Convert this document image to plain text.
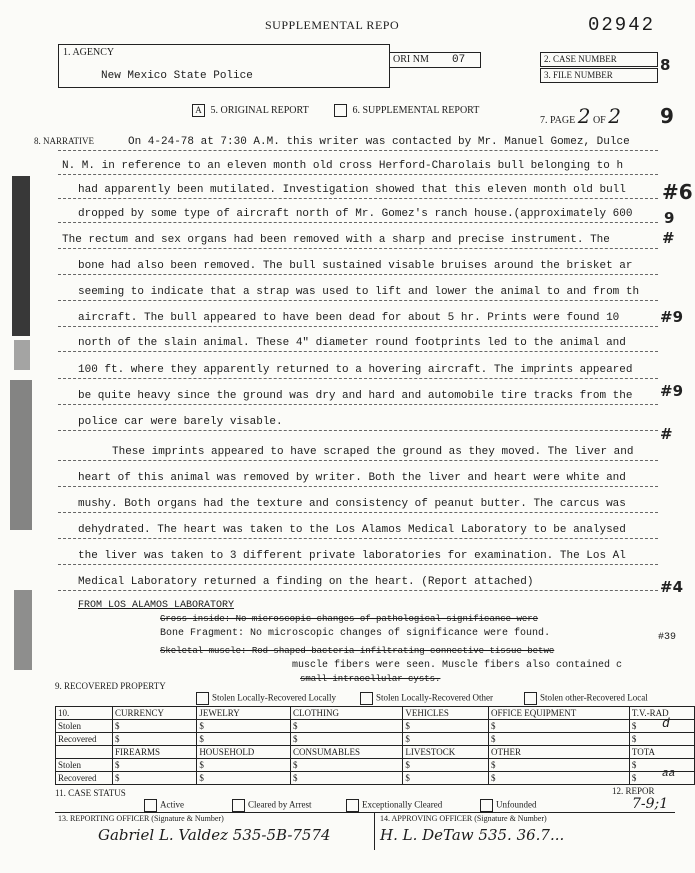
SUPPLEMENTAL REPO	02942
1. AGENCY
New Mexico State Police
ORI NM 07	2. CASE NUMBER
3. FILE NUMBER
A 5. ORIGINAL REPORT	6. SUPPLEMENTAL REPORT
7. PAGE 2 OF 2
8. NARRATIVE	On 4-24-78 at 7:30 A.M. this writer was contacted by Mr. Manuel Gomez, Dulce
N. M. in reference to an eleven month old cross Herford-Charolais bull belonging to h
had apparently been mutilated. Investigation showed that this eleven month old bull
dropped by some type of aircraft north of Mr. Gomez's ranch house.(approximately 600
The rectum and sex organs had been removed with a sharp and precise instrument. The
bone had also been removed. The bull sustained visable bruises around the brisket ar
seeming to indicate that a strap was used to lift and lower the animal to and from th
aircraft. The bull appeared to have been dead for about 5 hr. Prints were found 10
north of the slain animal. These 4" diameter round footprints led to the animal and
100 ft. where they apparently returned to a hovering aircraft. The imprints appeared
be quite heavy since the ground was dry and hard and automobile tire tracks from the
police car were barely visable.
These imprints appeared to have scraped the ground as they moved. The liver and
heart of this animal was removed by writer. Both the liver and heart were white and
mushy. Both organs had the texture and consistency of peanut butter. The carcus was
dehydrated. The heart was taken to the Los Alamos Medical Laboratory to be analysed
the liver was taken to 3 different private laboratories for examination. The Los Al
Medical Laboratory returned a finding on the heart. (Report attached)
FROM LOS ALAMOS LABORATORY
Gross inside: No microscopic changes of pathological significance were
Bone Fragment: No microscopic changes of significance were found.
Skeletal muscle: Rod shaped bacteria infiltrating connective tissue betwe
muscle fibers were seen. Muscle fibers also contained c
small intracellular cysts.
8
9
#6
#
9
#9
#9
#
#4
#39
d
aa
9. RECOVERED PROPERTY
Stolen Locally-Recovered Locally	Stolen Locally-Recovered Other	Stolen other-Recovered Local
10.	CURRENCY	JEWELRY	CLOTHING	VEHICLES	OFFICE EQUIPMENT	T.V.-RAD
Stolen	$	$	$	$	$	$
Recovered	$	$	$	$	$	$
	FIREARMS	HOUSEHOLD	CONSUMABLES	LIVESTOCK	OTHER	TOTA
Stolen	$	$	$	$	$	$
Recovered	$	$	$	$	$	$
11. CASE STATUS
Active	Cleared by Arrest	Exceptionally Cleared	Unfounded
12. REPOR
7-9;1
13. REPORTING OFFICER (Signature & Number)
Gabriel L. Valdez 535-5B-7574
14. APPROVING OFFICER (Signature & Number)
H. L. DeTaw 535. 36.7...
